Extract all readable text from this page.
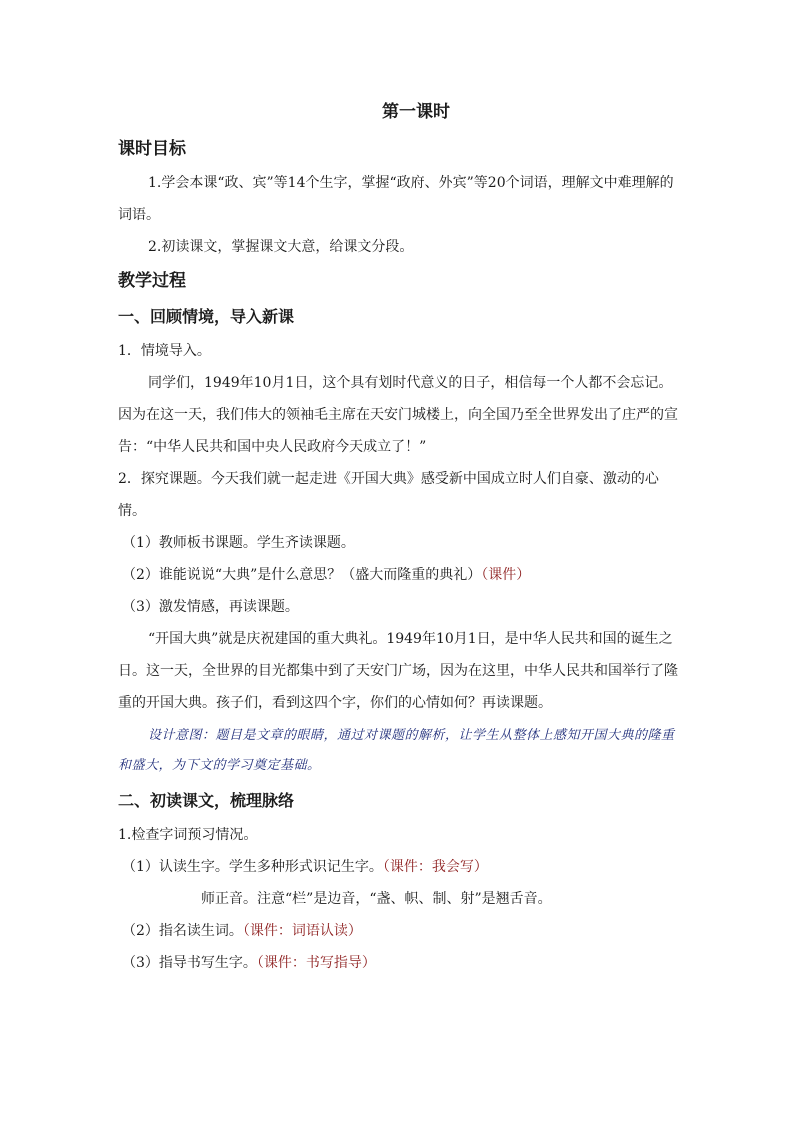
第一课时
课时目标
1.学会本课“政、宾”等14个生字，掌握“政府、外宾”等20个词语，理解文中难理解的词语。
2.初读课文，掌握课文大意，给课文分段。
教学过程
一、回顾情境，导入新课
1．情境导入。
同学们，1949年10月1日，这个具有划时代意义的日子，相信每一个人都不会忘记。因为在这一天，我们伟大的领袖毛主席在天安门城楼上，向全国乃至全世界发出了庄严的宣告：“中华人民共和国中央人民政府今天成立了！”
2．探究课题。今天我们就一起走进《开国大典》感受新中国成立时人们自豪、激动的心情。
（1）教师板书课题。学生齐读课题。
（2）谁能说说“大典”是什么意思？（盛大而隆重的典礼）（课件）
（3）激发情感，再读课题。
“开国大典”就是庆祝建国的重大典礼。1949年10月1日，是中华人民共和国的诞生之日。这一天，全世界的目光都集中到了天安门广场，因为在这里，中华人民共和国举行了隆重的开国大典。孩子们，看到这四个字，你们的心情如何？再读课题。
设计意图：题目是文章的眼睛，通过对课题的解析，让学生从整体上感知开国大典的隆重和盛大，为下文的学习奠定基础。
二、初读课文，梳理脉络
1.检查字词预习情况。
（1）认读生字。学生多种形式识记生字。（课件：我会写）
师正音。注意“栏”是边音，“盏、帜、制、射”是翘舌音。
（2）指名读生词。（课件：词语认读）
（3）指导书写生字。（课件：书写指导）
